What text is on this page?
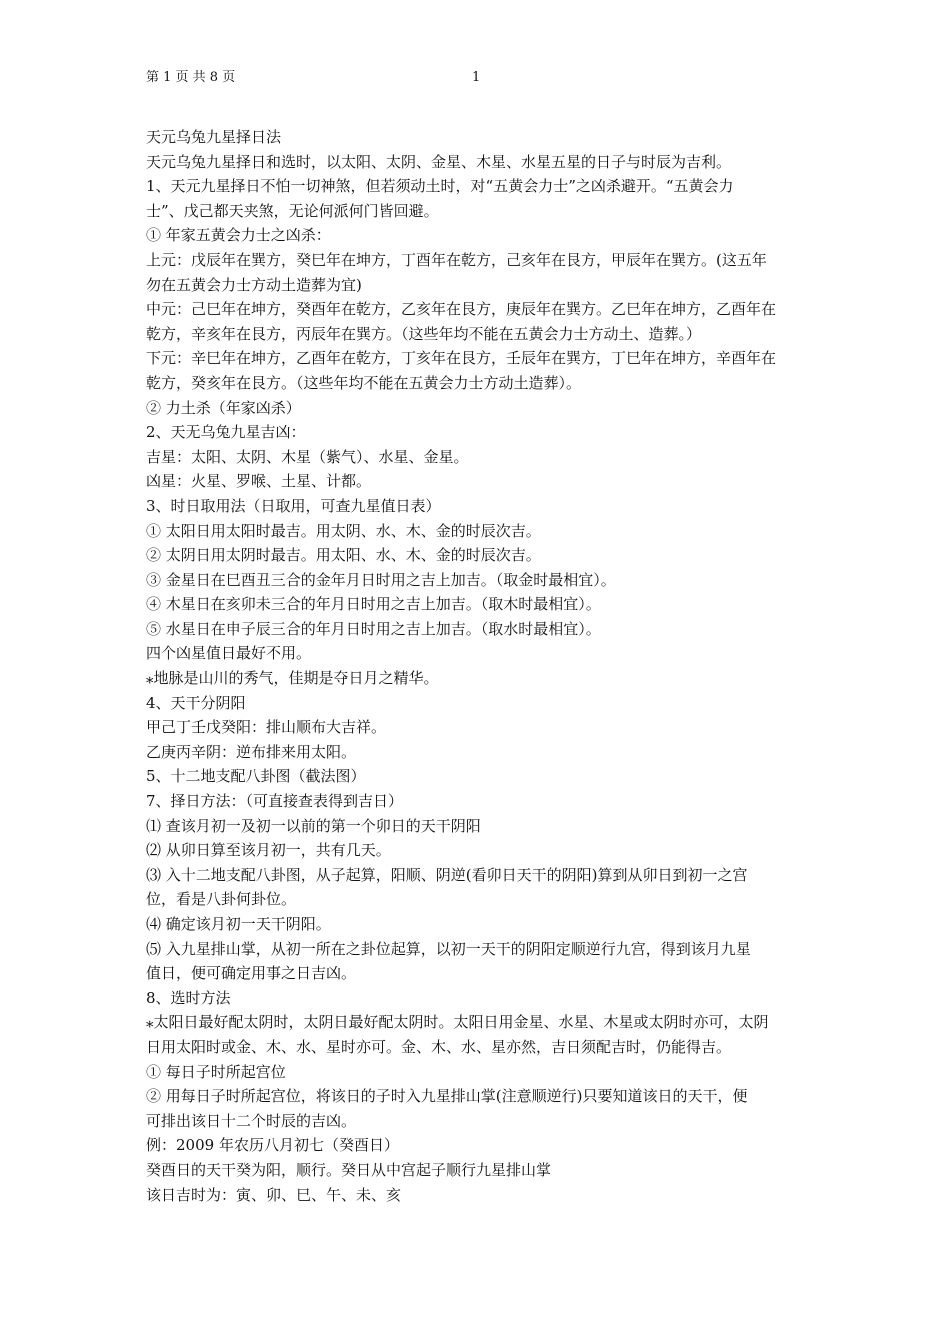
第 1 页 共 8 页	1
天元乌兔九星择日法
天元乌兔九星择日和选时，以太阳、太阴、金星、木星、水星五星的日子与时辰为吉利。
1、天元九星择日不怕一切神煞，但若须动土时，对“五黄会力士”之凶杀避开。“五黄会力
士”、戊己都天夹煞，无论何派何门皆回避。
① 年家五黄会力士之凶杀：
上元：戊辰年在巽方，癸巳年在坤方，丁酉年在乾方，己亥年在艮方，甲辰年在巽方。(这五年
勿在五黄会力士方动土造葬为宜)
中元：己巳年在坤方，癸酉年在乾方，乙亥年在艮方，庚辰年在巽方。乙巳年在坤方，乙酉年在
乾方，辛亥年在艮方，丙辰年在巽方。（这些年均不能在五黄会力士方动土、造葬。）
下元：辛巳年在坤方，乙酉年在乾方，丁亥年在艮方，壬辰年在巽方，丁巳年在坤方，辛酉年在
乾方，癸亥年在艮方。（这些年均不能在五黄会力士方动土造葬）。
② 力土杀（年家凶杀）
2、天无乌兔九星吉凶：
吉星：太阳、太阴、木星（紫气）、水星、金星。
凶星：火星、罗喉、土星、计都。
3、时日取用法（日取用，可查九星值日表）
① 太阳日用太阳时最吉。用太阴、水、木、金的时辰次吉。
② 太阴日用太阴时最吉。用太阳、水、木、金的时辰次吉。
③ 金星日在巳酉丑三合的金年月日时用之吉上加吉。（取金时最相宜）。
④ 木星日在亥卯未三合的年月日时用之吉上加吉。（取木时最相宜）。
⑤ 水星日在申子辰三合的年月日时用之吉上加吉。（取水时最相宜）。
四个凶星值日最好不用。
⁎地脉是山川的秀气，佳期是夺日月之精华。
4、天干分阴阳
甲己丁壬戊癸阳：排山顺布大吉祥。
乙庚丙辛阴：逆布排来用太阳。
5、十二地支配八卦图（截法图）
7、择日方法：（可直接查表得到吉日）
⑴ 查该月初一及初一以前的第一个卯日的天干阴阳
⑵ 从卯日算至该月初一，共有几天。
⑶ 入十二地支配八卦图，从子起算，阳顺、阴逆(看卯日天干的阴阳)算到从卯日到初一之宫
位，看是八卦何卦位。
⑷ 确定该月初一天干阴阳。
⑸ 入九星排山掌，从初一所在之卦位起算，以初一天干的阴阳定顺逆行九宫，得到该月九星
值日，便可确定用事之日吉凶。
8、选时方法
⁎太阳日最好配太阴时，太阴日最好配太阴时。太阳日用金星、水星、木星或太阴时亦可，太阴
日用太阳时或金、木、水、星时亦可。金、木、水、星亦然，吉日须配吉时，仍能得吉。
① 每日子时所起宫位
② 用每日子时所起宫位，将该日的子时入九星排山掌(注意顺逆行)只要知道该日的天干，便
可排出该日十二个时辰的吉凶。
例：2009 年农历八月初七（癸酉日）
癸酉日的天干癸为阳，顺行。癸日从中宫起子顺行九星排山掌
该日吉时为：寅、卯、巳、午、未、亥
